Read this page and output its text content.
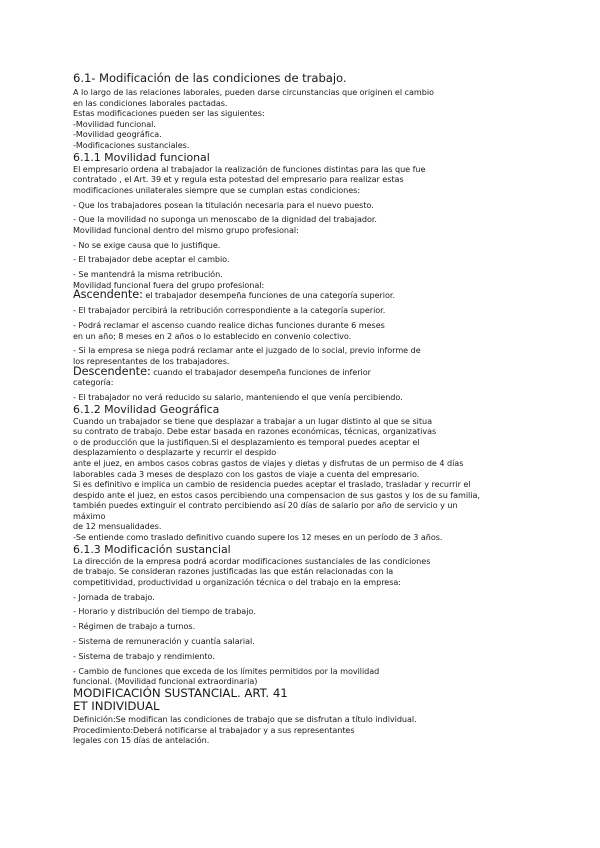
6.1- Modificación de las condiciones de trabajo.
A lo largo de las relaciones laborales, pueden darse circunstancias que originen el cambio
en las condiciones laborales pactadas.
Estas modificaciones pueden ser las siguientes:
-Movilidad funcional.
-Movilidad geográfica.
-Modificaciones sustanciales.
6.1.1 Movilidad funcional
El empresario ordena al trabajador la realización de funciones distintas para las que fue
contratado , el Art. 39 et y regula esta potestad del empresario para realizar estas
modificaciones unilaterales siempre que se cumplan estas condiciones:
- Que los trabajadores posean la titulación necesaria para el nuevo puesto.
- Que la movilidad no suponga un menoscabo de la dignidad del trabajador.
Movilidad funcional dentro del mismo grupo profesional:
- No se exige causa que lo justifique.
- El trabajador debe aceptar el cambio.
- Se mantendrá la misma retribución.
Movilidad funcional fuera del grupo profesional:
Ascendente: el trabajador desempeña funciones de una categoría superior.
- El trabajador percibirá la retribución correspondiente a la categoría superior.
- Podrá reclamar el ascenso cuando realice dichas funciones durante 6 meses
en un año; 8 meses en 2 años o lo establecido en convenio colectivo.
- Si la empresa se niega podrá reclamar ante el juzgado de lo social, previo informe de
los representantes de los trabajadores.
Descendente: cuando el trabajador desempeña funciones de inferior
categoría:
- El trabajador no verá reducido su salario, manteniendo el que venía percibiendo.
6.1.2 Movilidad Geográfica
Cuando un trabajador se tiene que desplazar a trabajar a un lugar distinto al que se situa
su contrato de trabajo. Debe estar basada en razones económicas, técnicas, organizativas
o de producción que la justifiquen.Si el desplazamiento es temporal puedes aceptar el
desplazamiento o desplazarte y recurrir el despido
ante el juez, en ambos casos cobras gastos de viajes y dietas y disfrutas de un permiso de 4 días
laborables cada 3 meses de desplazo con los gastos de viaje a cuenta del empresario.
Si es definitivo e implica un cambio de residencia puedes aceptar el traslado, trasladar y recurrir el
despido ante el juez, en estos casos percibiendo una compensacion de sus gastos y los de su familia,
también puedes extinguir el contrato percibiendo así 20 días de salario por año de servicio y un
máximo
de 12 mensualidades.
-Se entiende como traslado definitivo cuando supere los 12 meses en un período de 3 años.
6.1.3 Modificación sustancial
La dirección de la empresa podrá acordar modificaciones sustanciales de las condiciones
de trabajo. Se consideran razones justificadas las que están relacionadas con la
competitividad, productividad u organización técnica o del trabajo en la empresa:
- Jornada de trabajo.
- Horario y distribución del tiempo de trabajo.
- Régimen de trabajo a turnos.
- Sistema de remuneración y cuantía salarial.
- Sistema de trabajo y rendimiento.
- Cambio de funciones que exceda de los límites permitidos por la movilidad
funcional. (Movilidad funcional extraordinaria)
MODIFICACIÓN SUSTANCIAL. ART. 41
ET INDIVIDUAL
Definición:Se modifican las condiciones de trabajo que se disfrutan a título individual.
Procedimiento:Deberá notificarse al trabajador y a sus representantes
legales con 15 días de antelación.
